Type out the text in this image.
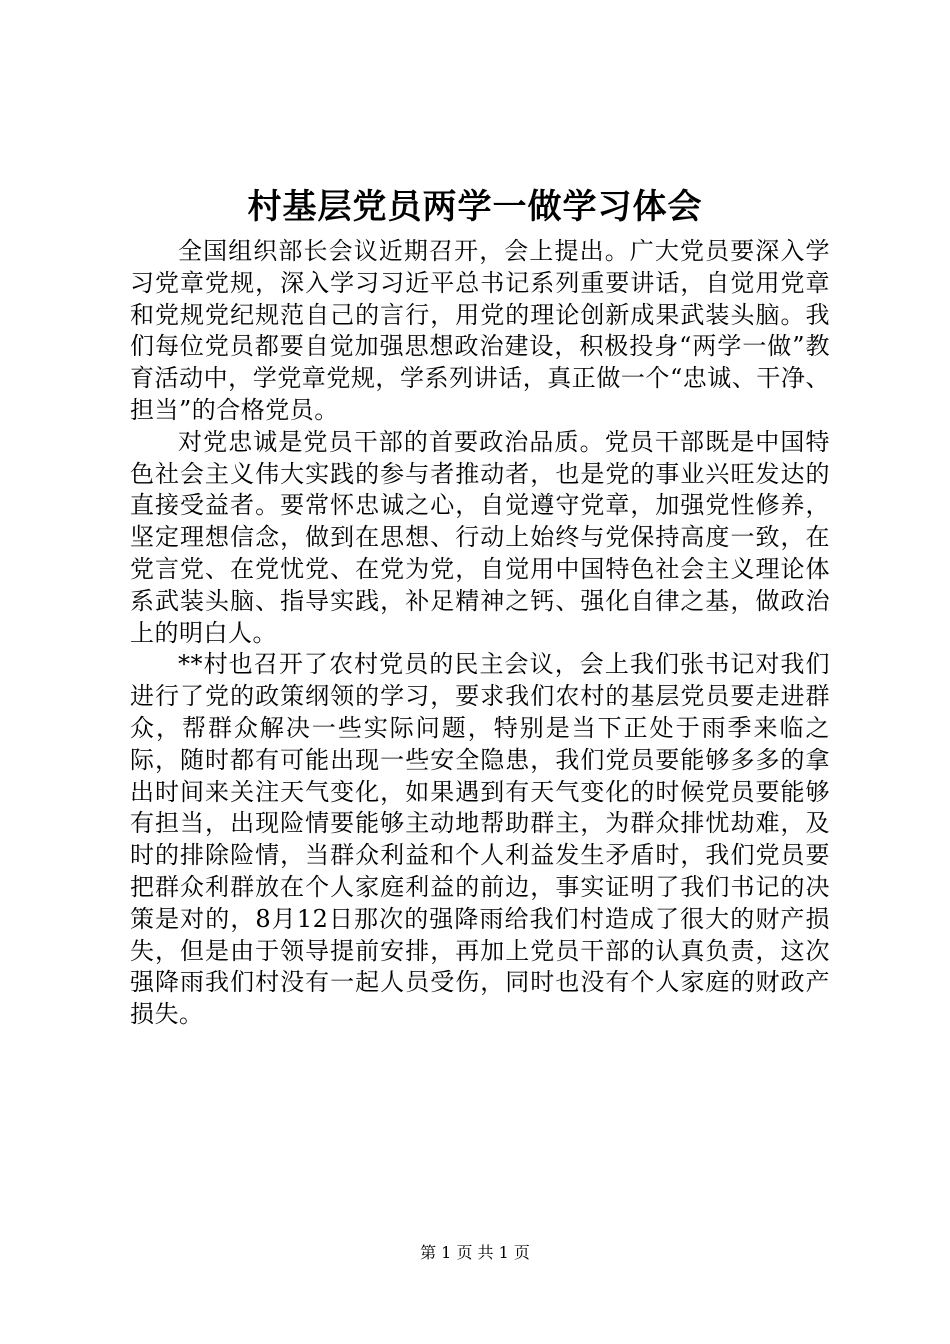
村基层党员两学一做学习体会

全国组织部长会议近期召开，会上提出。广大党员要深入学习党章党规，深入学习习近平总书记系列重要讲话，自觉用党章和党规党纪规范自己的言行，用党的理论创新成果武装头脑。我们每位党员都要自觉加强思想政治建设，积极投身“两学一做”教育活动中，学党章党规，学系列讲话，真正做一个“忠诚、干净、担当”的合格党员。

对党忠诚是党员干部的首要政治品质。党员干部既是中国特色社会主义伟大实践的参与者推动者，也是党的事业兴旺发达的直接受益者。要常怀忠诚之心，自觉遵守党章，加强党性修养，坚定理想信念，做到在思想、行动上始终与党保持高度一致，在党言党、在党忧党、在党为党，自觉用中国特色社会主义理论体系武装头脑、指导实践，补足精神之钙、强化自律之基，做政治上的明白人。

**村也召开了农村党员的民主会议，会上我们张书记对我们进行了党的政策纲领的学习，要求我们农村的基层党员要走进群众，帮群众解决一些实际问题，特别是当下正处于雨季来临之际，随时都有可能出现一些安全隐患，我们党员要能够多多的拿出时间来关注天气变化，如果遇到有天气变化的时候党员要能够有担当，出现险情要能够主动地帮助群主，为群众排忧劫难，及时的排除险情，当群众利益和个人利益发生矛盾时，我们党员要把群众利群放在个人家庭利益的前边，事实证明了我们书记的决策是对的，8月12日那次的强降雨给我们村造成了很大的财产损失，但是由于领导提前安排，再加上党员干部的认真负责，这次强降雨我们村没有一起人员受伤，同时也没有个人家庭的财政产损失。

第 1 页 共 1 页
